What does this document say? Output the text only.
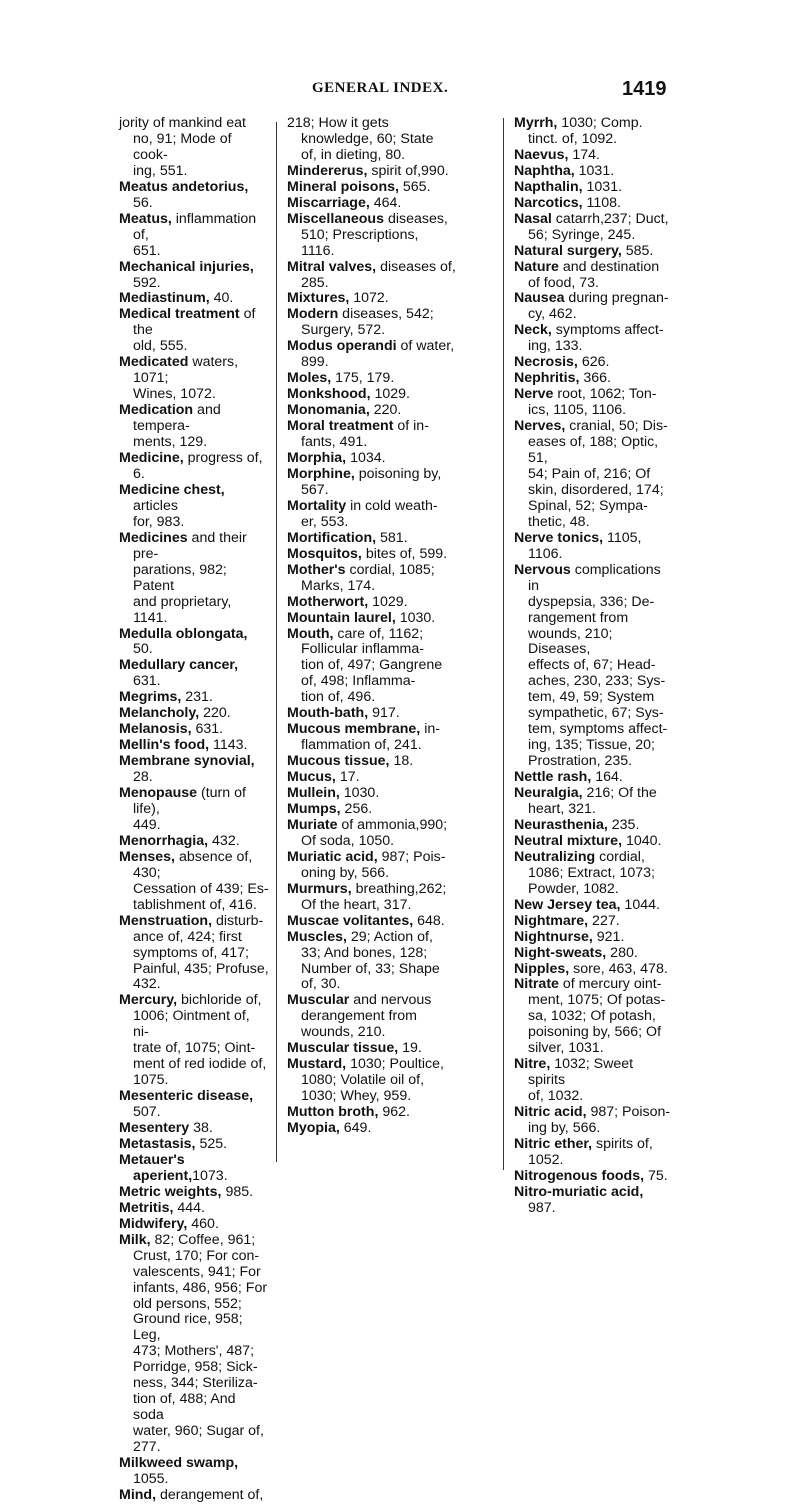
GENERAL INDEX.	1419

jority of mankind eat
no, 91; Mode of cook-
ing, 551.

Meatus andetorius, 56.

Meatus, inflammation of,
651.

Mechanical injuries, 592.

Mediastinum, 40.

Medical treatment of the
old, 555.

Medicated waters, 1071;
Wines, 1072.

Medication and tempera-
ments, 129.

Medicine, progress of, 6.

Medicine chest, articles
for, 983.

Medicines and their pre-
parations, 982; Patent
and proprietary, 1141.

Medulla oblongata, 50.

Medullary cancer, 631.

Megrims, 231.

Melancholy, 220.

Melanosis, 631.

Mellin's food, 1143.

Membrane synovial, 28.

Menopause (turn of life),
449.

Menorrhagia, 432.

Menses, absence of, 430;
Cessation of 439; Es-
tablishment of, 416.

Menstruation, disturb-
ance of, 424; first
symptoms of, 417;
Painful, 435; Profuse,
432.

Mercury, bichloride of,
1006; Ointment of, ni-
trate of, 1075; Oint-
ment of red iodide of,
1075.

Mesenteric disease, 507.

Mesentery 38.

Metastasis, 525.

Metauer's aperient,1073.

Metric weights, 985.

Metritis, 444.

Midwifery, 460.

Milk, 82; Coffee, 961;
Crust, 170; For con-
valescents, 941; For
infants, 486, 956; For
old persons, 552;
Ground rice, 958; Leg,
473; Mothers', 487;
Porridge, 958; Sick-
ness, 344; Steriliza-
tion of, 488; And soda
water, 960; Sugar of,
277.

Milkweed swamp, 1055.

Mind, derangement of,

218; How it gets
knowledge, 60; State
of, in dieting, 80.

Mindererus, spirit of,990.

Mineral poisons, 565.

Miscarriage, 464.

Miscellaneous diseases,
510; Prescriptions,
1116.

Mitral valves, diseases of,
285.

Mixtures, 1072.

Modern diseases, 542;
Surgery, 572.

Modus operandi of water,
899.

Moles, 175, 179.

Monkshood, 1029.

Monomania, 220.

Moral treatment of in-
fants, 491.

Morphia, 1034.

Morphine, poisoning by,
567.

Mortality in cold weath-
er, 553.

Mortification, 581.

Mosquitos, bites of, 599.

Mother's cordial, 1085;
Marks, 174.

Motherwort, 1029.

Mountain laurel, 1030.

Mouth, care of, 1162;
Follicular inflamma-
tion of, 497; Gangrene
of, 498; Inflamma-
tion of, 496.

Mouth-bath, 917.

Mucous membrane, in-
flammation of, 241.

Mucous tissue, 18.

Mucus, 17.

Mullein, 1030.

Mumps, 256.

Muriate of ammonia,990;
Of soda, 1050.

Muriatic acid, 987; Pois-
oning by, 566.

Murmurs, breathing,262;
Of the heart, 317.

Muscae volitantes, 648.

Muscles, 29; Action of,
33; And bones, 128;
Number of, 33; Shape
of, 30.

Muscular and nervous
derangement from
wounds, 210.

Muscular tissue, 19.

Mustard, 1030; Poultice,
1080; Volatile oil of,
1030; Whey, 959.

Mutton broth, 962.

Myopia, 649.

Myrrh, 1030; Comp.
tinct. of, 1092.

Naevus, 174.

Naphtha, 1031.

Napthalin, 1031.

Narcotics, 1108.

Nasal catarrh,237; Duct,
56; Syringe, 245.

Natural surgery, 585.

Nature and destination
of food, 73.

Nausea during pregnan-
cy, 462.

Neck, symptoms affect-
ing, 133.

Necrosis, 626.

Nephritis, 366.

Nerve root, 1062; Ton-
ics, 1105, 1106.

Nerves, cranial, 50; Dis-
eases of, 188; Optic, 51,
54; Pain of, 216; Of
skin, disordered, 174;
Spinal, 52; Sympa-
thetic, 48.

Nerve tonics, 1105, 1106.

Nervous complications in
dyspepsia, 336; De-
rangement from
wounds, 210; Diseases,
effects of, 67; Head-
aches, 230, 233; Sys-
tem, 49, 59; System
sympathetic, 67; Sys-
tem, symptoms affect-
ing, 135; Tissue, 20;
Prostration, 235.

Nettle rash, 164.

Neuralgia, 216; Of the
heart, 321.

Neurasthenia, 235.

Neutral mixture, 1040.

Neutralizing cordial,
1086; Extract, 1073;
Powder, 1082.

New Jersey tea, 1044.

Nightmare, 227.

Nightnurse, 921.

Night-sweats, 280.

Nipples, sore, 463, 478.

Nitrate of mercury oint-
ment, 1075; Of potas-
sa, 1032; Of potash,
poisoning by, 566; Of
silver, 1031.

Nitre, 1032; Sweet spirits
of, 1032.

Nitric acid, 987; Poison-
ing by, 566.

Nitric ether, spirits of,
1052.

Nitrogenous foods, 75.

Nitro-muriatic acid, 987.
